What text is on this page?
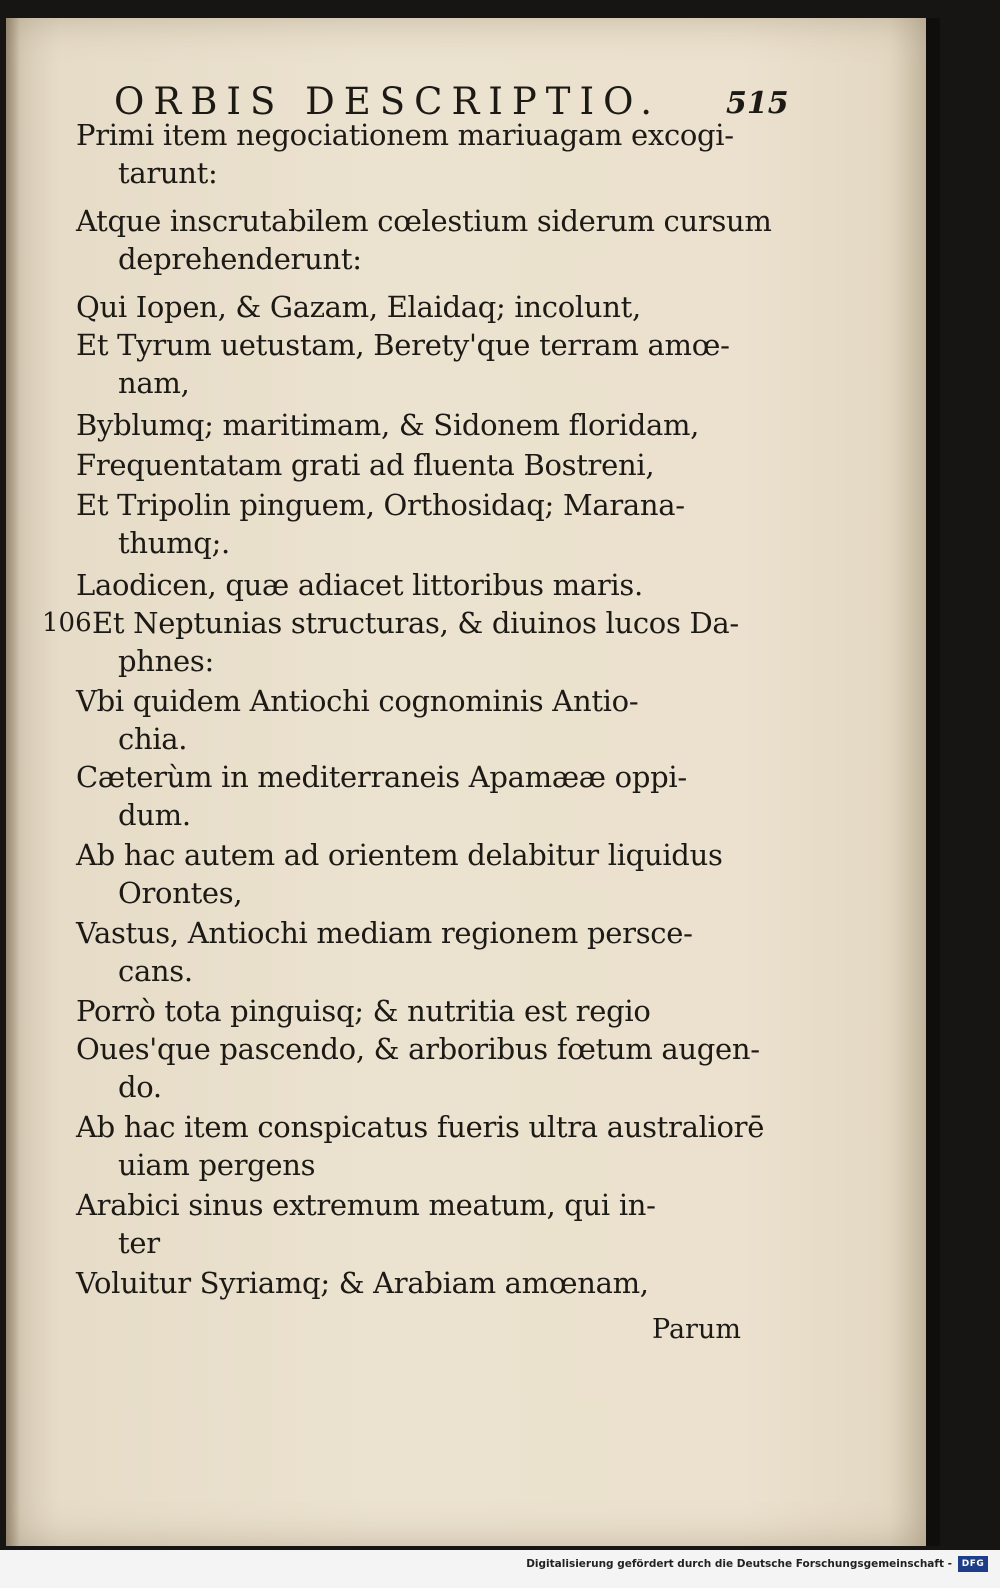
ORBIS DESCRIPTIO. 515
Primi item negociationem mariuagam excogi-
tarunt:
Atque inscrutabilem cœlestium siderum cursum
deprehenderunt:
Qui Iopen, & Gazam, Elaidaq; incolunt,
Et Tyrum uetustam, Berety'que terram amœ-
nam,
Byblumq; maritimam, & Sidonem floridam,
Frequentatam grati ad fluenta Bostreni,
Et Tripolin pinguem, Orthosidaq; Marana-
thumq;.
Laodicen, quæ adiacet littoribus maris.
106 Et Neptunias structuras, & diuinos lucos Da-
phnes:
Vbi quidem Antiochi cognominis Antio-
chia.
Cæterùm in mediterraneis Apamææ oppi-
dum.
Ab hac autem ad orientem delabitur liquidus
Orontes,
Vastus, Antiochi mediam regionem persce-
cans.
Porrò tota pinguisq; & nutritia est regio
Oues'que pascendo, & arboribus fœtum augen-
do.
Ab hac item conspicatus fueris ultra australiorē
uiam pergens
Arabici sinus extremum meatum, qui in-
ter
Voluitur Syriamq; & Arabiam amœnam,
Parum
Digitalisierung gefördert durch die Deutsche Forschungsgemeinschaft -	DFG
